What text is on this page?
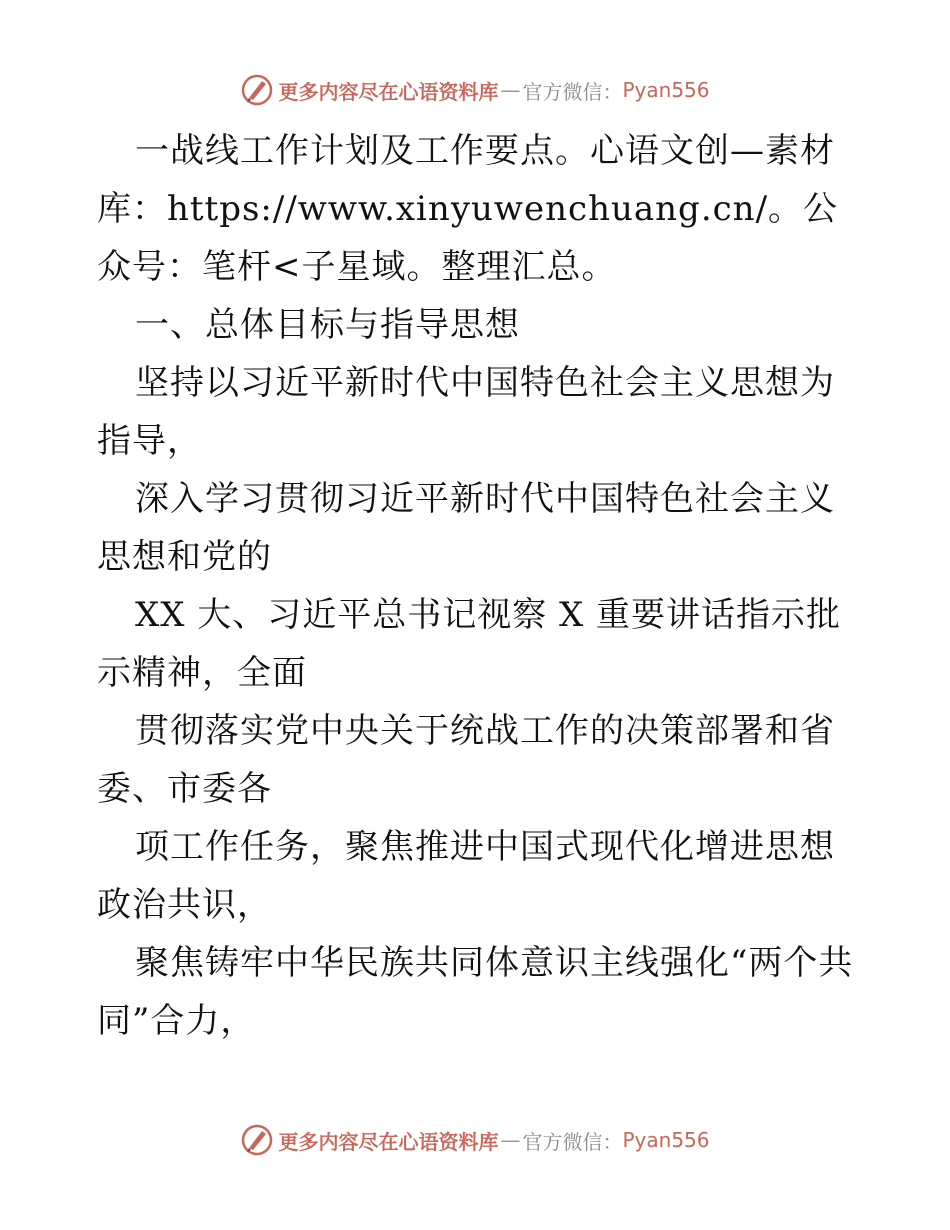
更多内容尽在心语资料库 — 官方微信： Pyan556

一战线工作计划及工作要点。心语文创—素材库：https://www.xinyuwenchuang.cn/。公众号：笔杆<子星域。整理汇总。

一、总体目标与指导思想

坚持以习近平新时代中国特色社会主义思想为指导，

深入学习贯彻习近平新时代中国特色社会主义思想和党的

XX 大、习近平总书记视察 X 重要讲话指示批示精神，全面

贯彻落实党中央关于统战工作的决策部署和省委、市委各

项工作任务，聚焦推进中国式现代化增进思想政治共识，

聚焦铸牢中华民族共同体意识主线强化“两个共同”合力，

更多内容尽在心语资料库 — 官方微信： Pyan556
